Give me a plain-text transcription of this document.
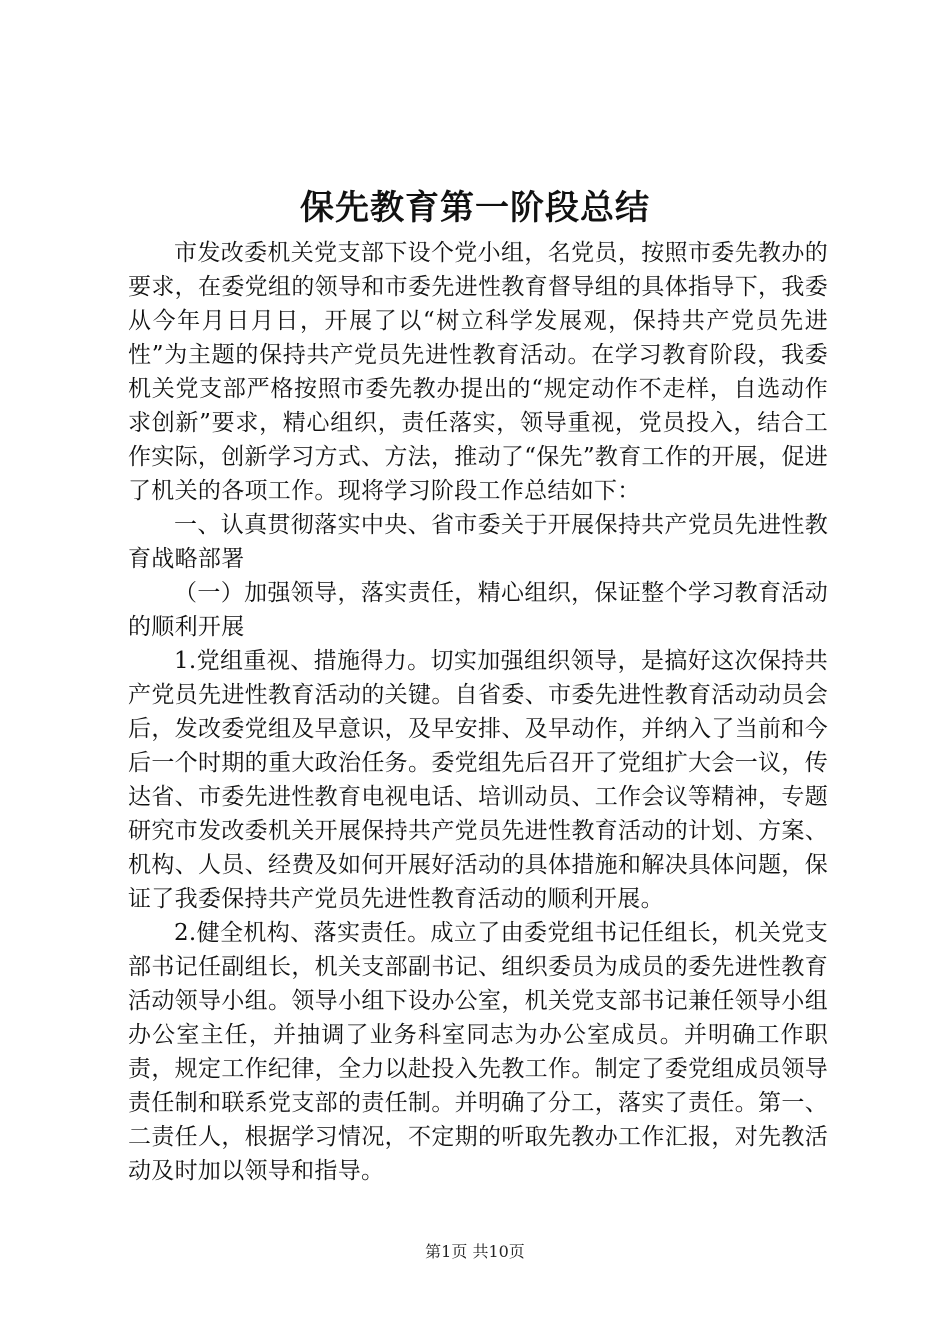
保先教育第一阶段总结

市发改委机关党支部下设个党小组，名党员，按照市委先教办的要求，在委党组的领导和市委先进性教育督导组的具体指导下，我委从今年月日月日，开展了以“树立科学发展观，保持共产党员先进性”为主题的保持共产党员先进性教育活动。在学习教育阶段，我委机关党支部严格按照市委先教办提出的“规定动作不走样，自选动作求创新”要求，精心组织，责任落实，领导重视，党员投入，结合工作实际，创新学习方式、方法，推动了“保先”教育工作的开展，促进了机关的各项工作。现将学习阶段工作总结如下：

一、认真贯彻落实中央、省市委关于开展保持共产党员先进性教育战略部署

（一）加强领导，落实责任，精心组织，保证整个学习教育活动的顺利开展

1.党组重视、措施得力。切实加强组织领导，是搞好这次保持共产党员先进性教育活动的关键。自省委、市委先进性教育活动动员会后，发改委党组及早意识，及早安排、及早动作，并纳入了当前和今后一个时期的重大政治任务。委党组先后召开了党组扩大会一议，传达省、市委先进性教育电视电话、培训动员、工作会议等精神，专题研究市发改委机关开展保持共产党员先进性教育活动的计划、方案、机构、人员、经费及如何开展好活动的具体措施和解决具体问题，保证了我委保持共产党员先进性教育活动的顺利开展。

2.健全机构、落实责任。成立了由委党组书记任组长，机关党支部书记任副组长，机关支部副书记、组织委员为成员的委先进性教育活动领导小组。领导小组下设办公室，机关党支部书记兼任领导小组办公室主任，并抽调了业务科室同志为办公室成员。并明确工作职责，规定工作纪律，全力以赴投入先教工作。制定了委党组成员领导责任制和联系党支部的责任制。并明确了分工，落实了责任。第一、二责任人，根据学习情况，不定期的听取先教办工作汇报，对先教活动及时加以领导和指导。

第1页 共10页
